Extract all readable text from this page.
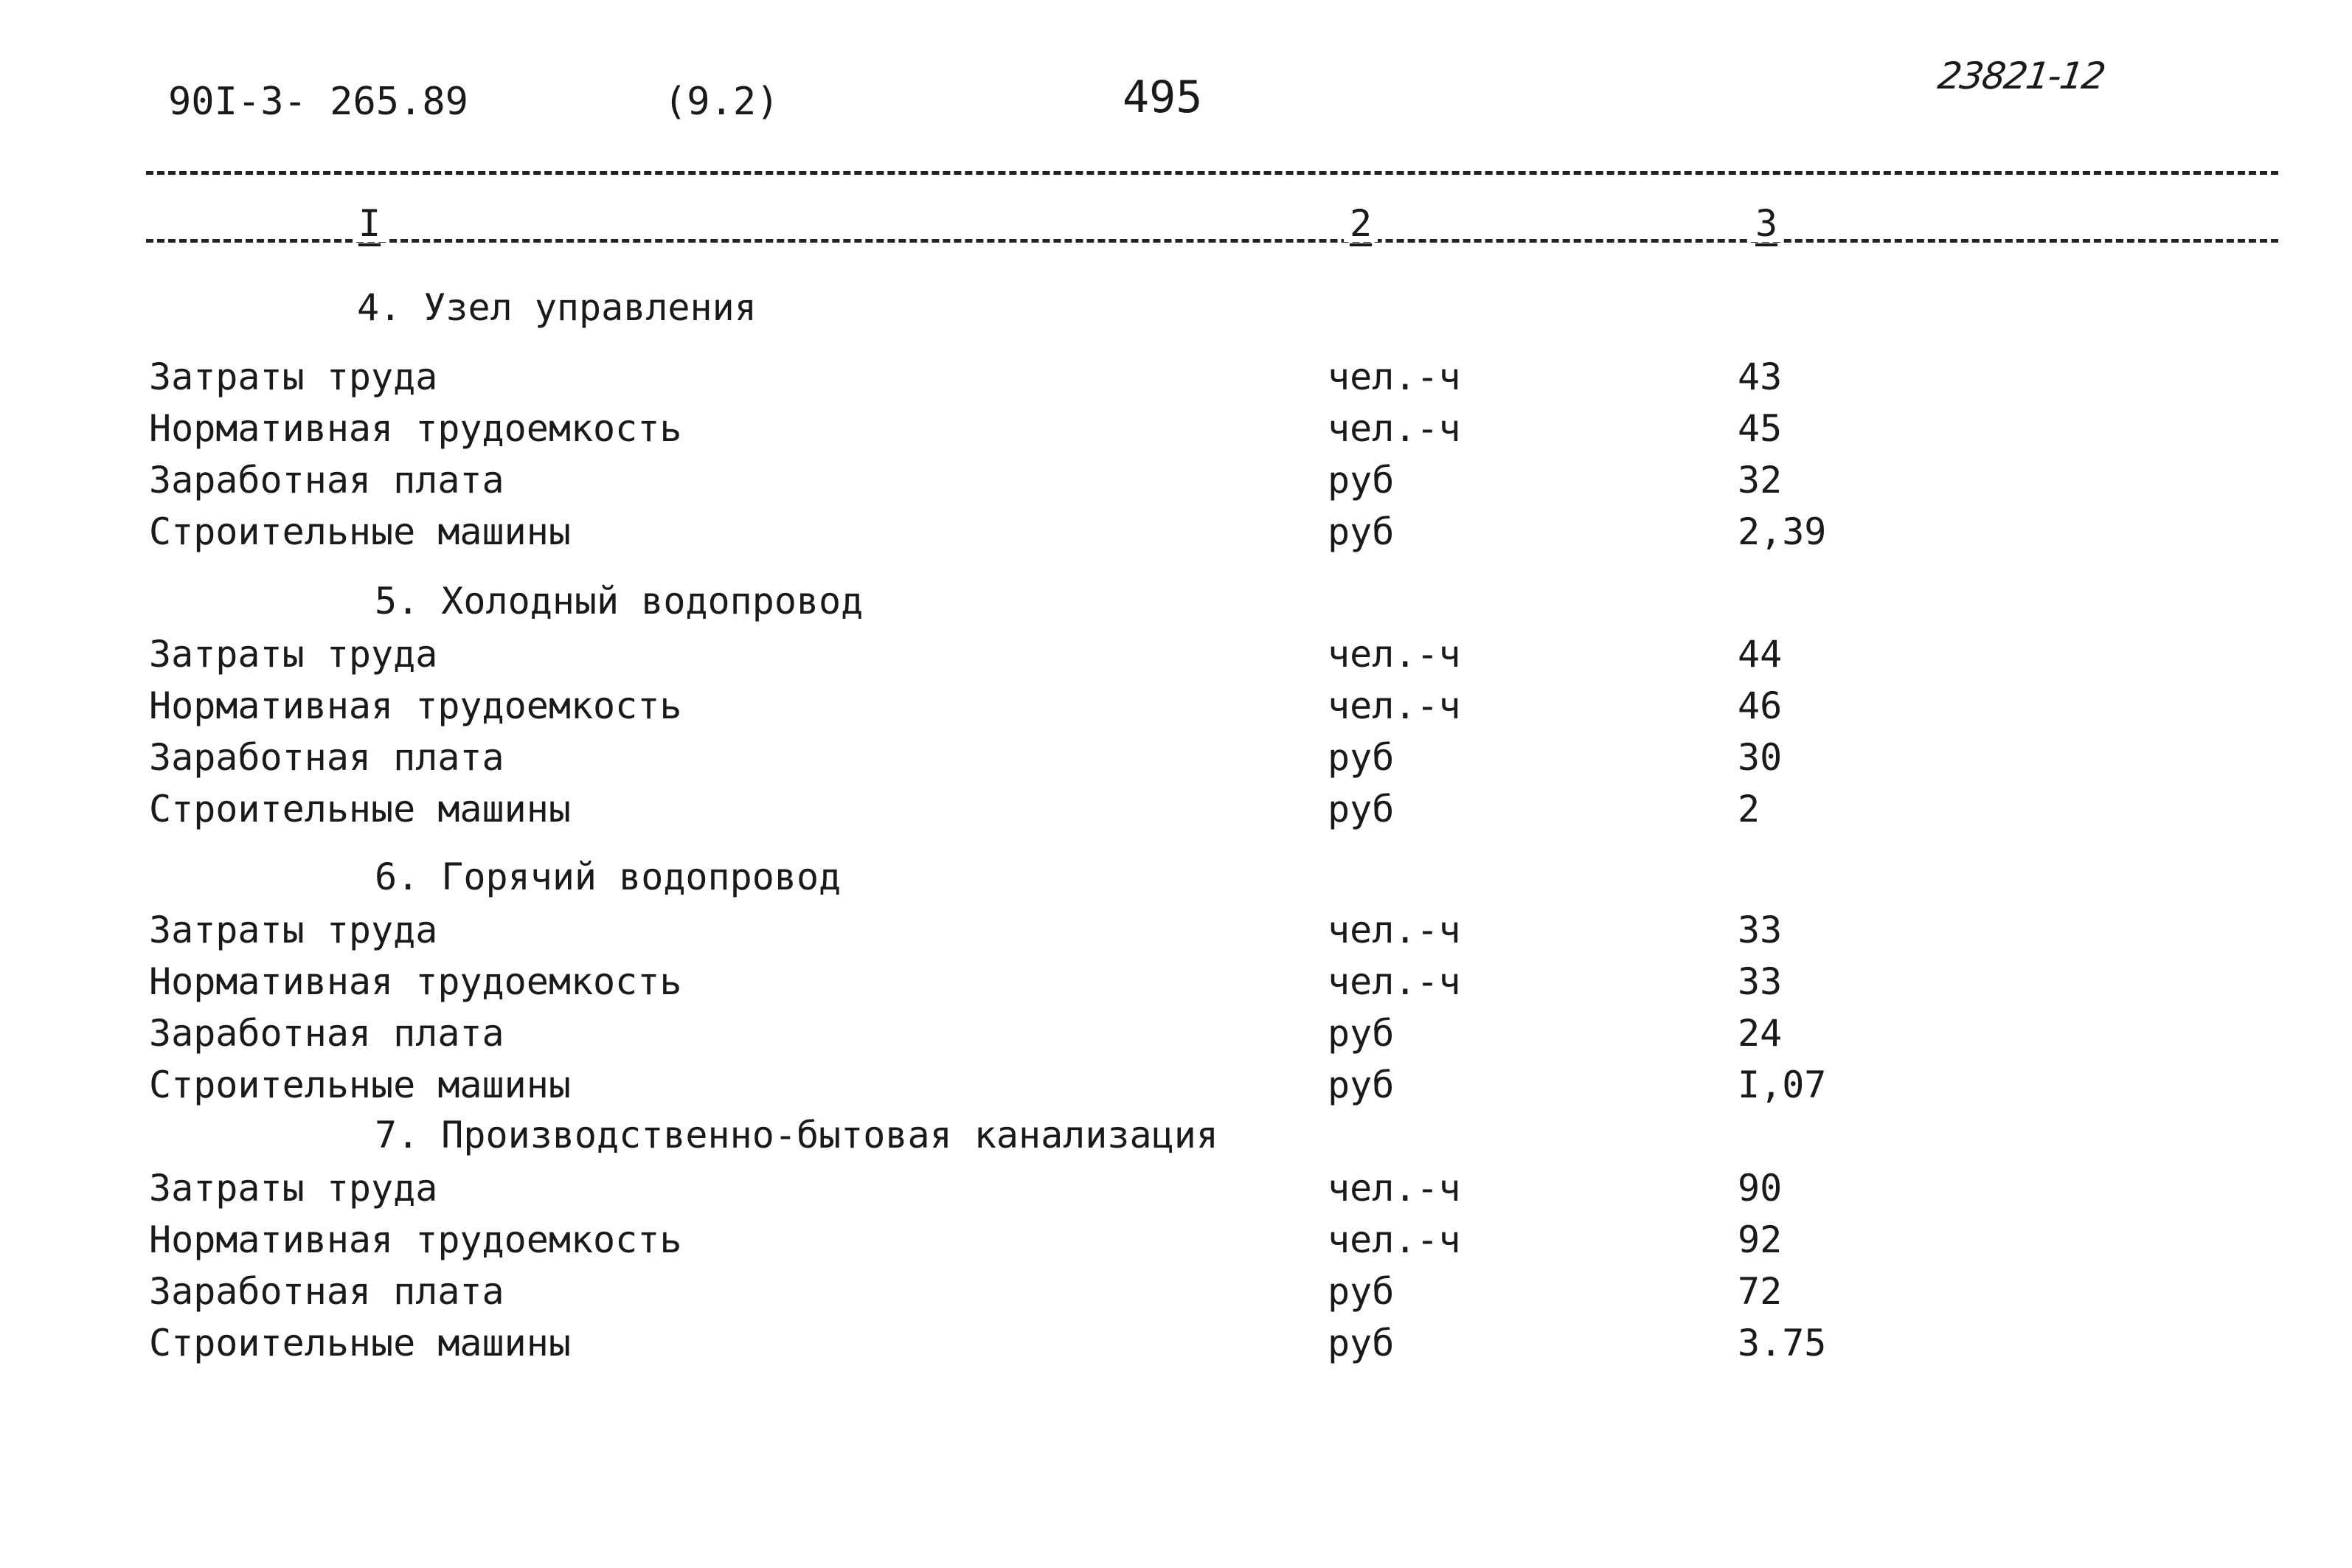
90I-3- 265.89	(9.2)	495	23821-12
I	2	3
4. Узел управления
Затраты труда	чел.-ч	43
Нормативная трудоемкость	чел.-ч	45
Заработная плата	руб	32
Строительные машины	руб	2,39
5. Холодный водопровод
Затраты труда	чел.-ч	44
Нормативная трудоемкость	чел.-ч	46
Заработная плата	руб	30
Строительные машины	руб	2
6. Горячий водопровод
Затраты труда	чел.-ч	33
Нормативная трудоемкость	чел.-ч	33
Заработная плата	руб	24
Строительные машины	руб	I,07
7. Производственно-бытовая канализация
Затраты труда	чел.-ч	90
Нормативная трудоемкость	чел.-ч	92
Заработная плата	руб	72
Строительные машины	руб	3.75
